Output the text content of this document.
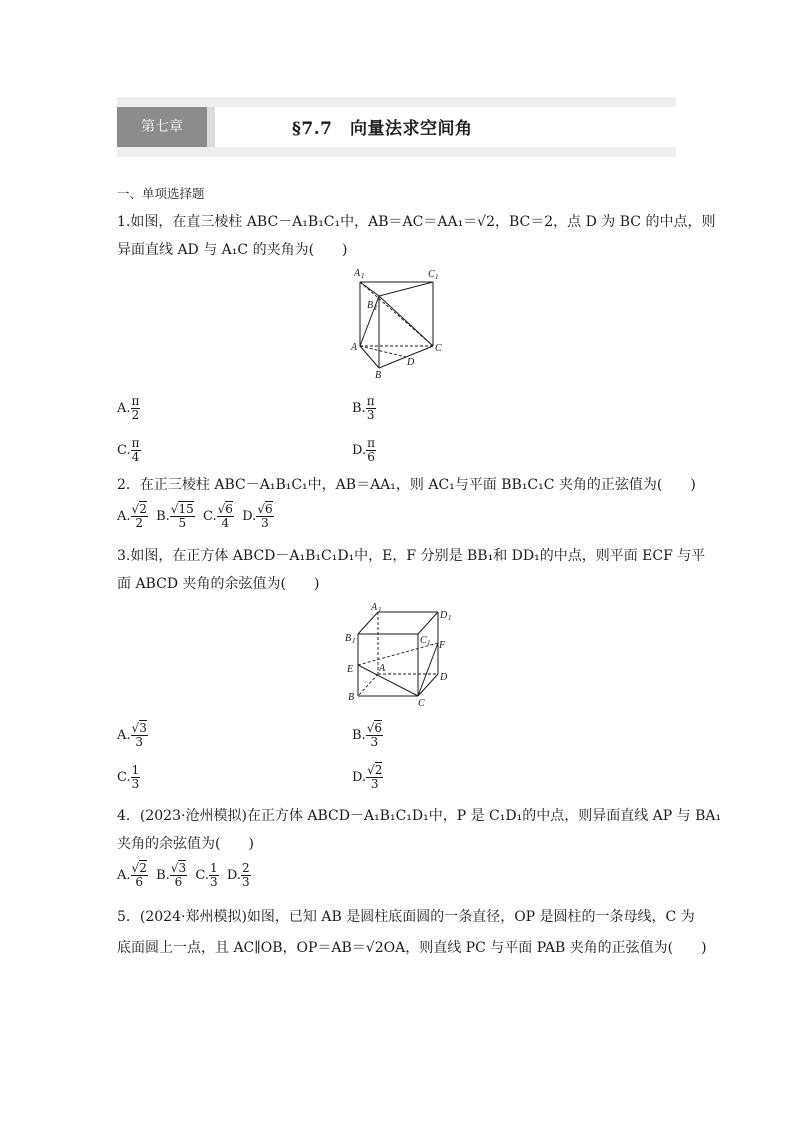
第七章	§7.7　向量法求空间角
一、单项选择题
1.如图，在直三棱柱 ABC－A₁B₁C₁中，AB＝AC＝AA₁＝√2，BC＝2，点 D 为 BC 的中点，则
异面直线 AD 与 A₁C 的夹角为(　　)
A 1	C 1
B 1
A	C
D
B
A. $\frac{\pi}{2}$	B. $\frac{\pi}{3}$
C. $\frac{\pi}{4}$	D. $\frac{\pi}{6}$
2．在正三棱柱 ABC－A₁B₁C₁中，AB＝AA₁，则 AC₁与平面 BB₁C₁C 夹角的正弦值为(　　)
A. $\frac{√2}{2} B$. $\frac{√15}{5} C$. $\frac{√6}{4} D$. $\frac{√6}{3}$
3.如图，在正方体 ABCD－A₁B₁C₁D₁中，E，F 分别是 BB₁和 DD₁的中点，则平面 ECF 与平
面 ABCD 夹角的余弦值为(　　)
A 1	D 1
B 1	C 1 F
E	A
D
B
C
A. $\frac{√3}{3}$	B. $\frac{√6}{3}$
C. $\frac{1}{3}$	D. $\frac{√2}{3}$
4．(2023·沧州模拟)在正方体 ABCD－A₁B₁C₁D₁中，P 是 C₁D₁的中点，则异面直线 AP 与 BA₁
夹角的余弦值为(　　)
A. $\frac{√2}{6} B$. $\frac{√3}{6} C$. $\frac{1}{3} D$. $\frac{2}{3}$
5．(2024·郑州模拟)如图，已知 AB 是圆柱底面圆的一条直径，OP 是圆柱的一条母线，C 为
底面圆上一点，且 AC∥OB，OP＝AB＝√2OA，则直线 PC 与平面 PAB 夹角的正弦值为(　　)
